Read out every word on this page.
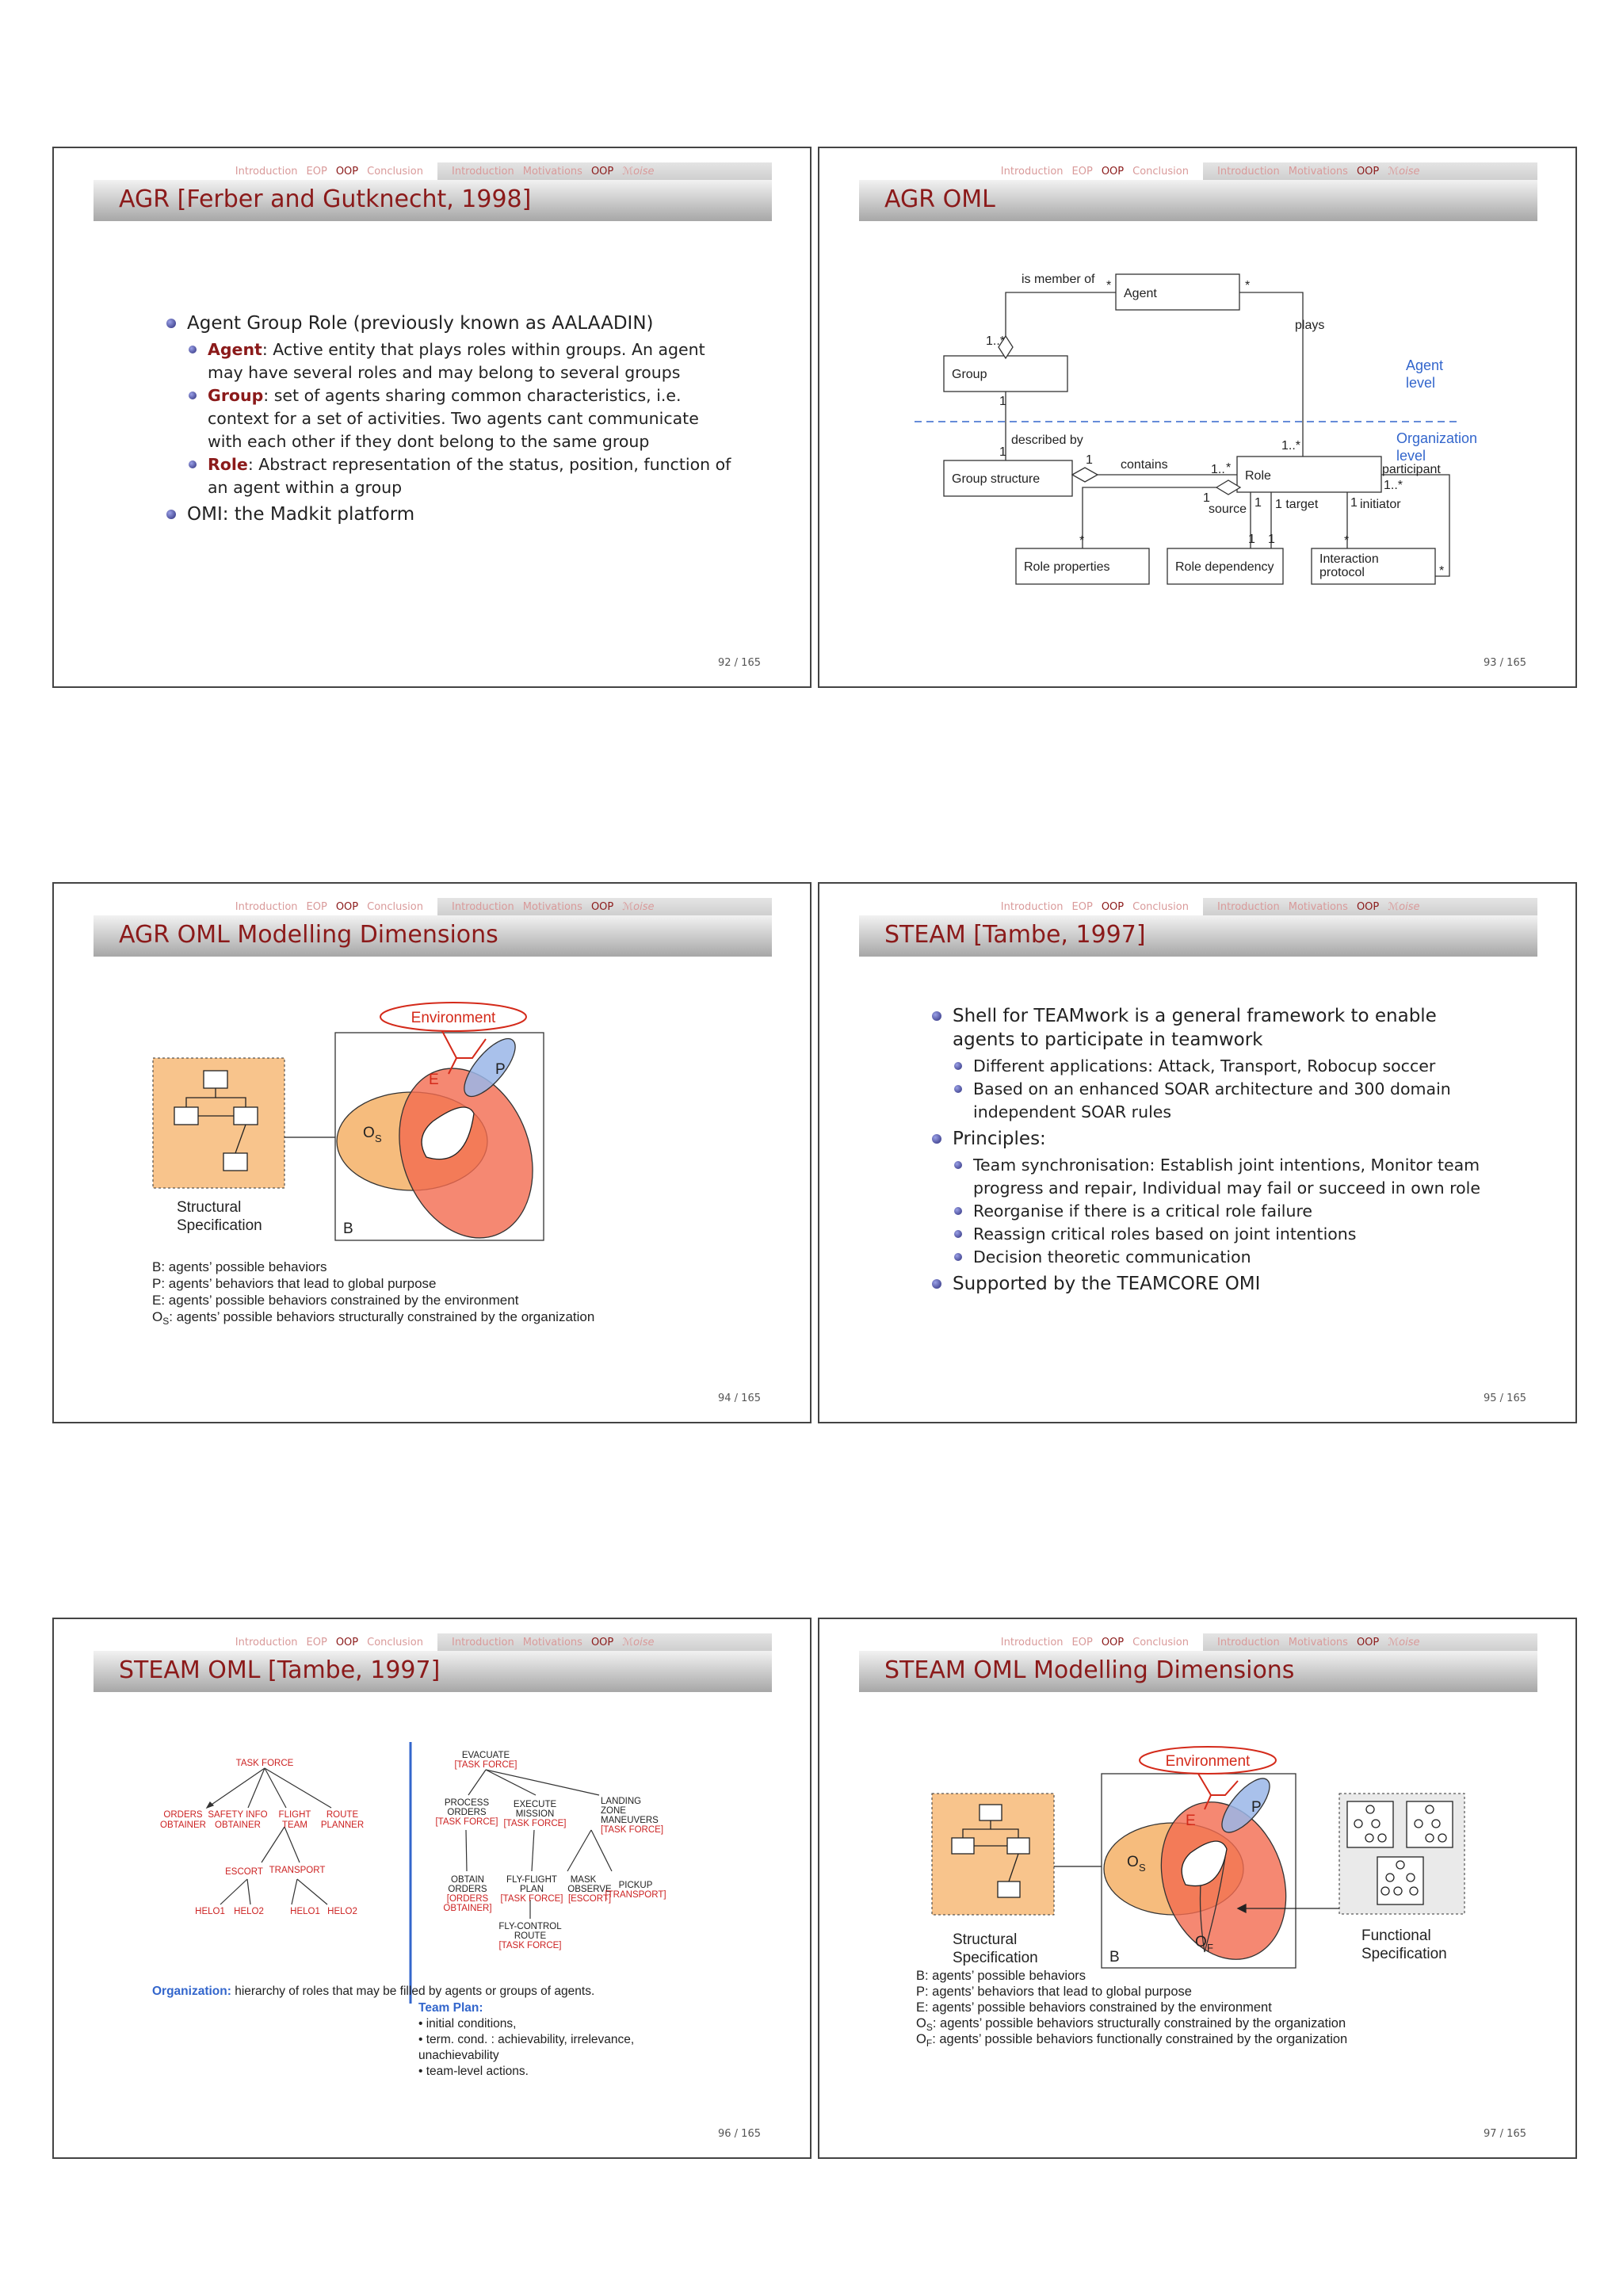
Introduction EOP OOP Conclusion	Introduction Motivations OOP ℳoise
AGR [Ferber and Gutknecht, 1998]
Agent Group Role (previously known as AALAADIN)
Agent: Active entity that plays roles within groups. An agent may have several roles and may belong to several groups
Group: set of agents sharing common characteristics, i.e. context for a set of activities. Two agents cant communicate with each other if they dont belong to the same group
Role: Abstract representation of the status, position, function of an agent within a group
OMI: the Madkit platform
92 / 165
Introduction EOP OOP Conclusion	Introduction Motivations OOP ℳoise
AGR OML
Agent
Group
Group structure	Role
Role properties	Role dependency
Interaction
protocol
is member of
plays
described by
contains	participant
source 1 target	initiator
*	*
1..*
1
1
1
1.. *
1..*
1..*
1	1	1
*	1 1	*
*
Agent
level
Organization
level
93 / 165
Introduction EOP OOP Conclusion	Introduction Motivations OOP ℳoise
AGR OML Modelling Dimensions
Environment
E
P
O S
B
Structural
Specification
B: agents’ possible behaviors
P: agents’ behaviors that lead to global purpose
E: agents’ possible behaviors constrained by the environment
$O_S$: agents’ possible behaviors structurally constrained by the organization
94 / 165
Introduction EOP OOP Conclusion	Introduction Motivations OOP ℳoise
STEAM [Tambe, 1997]
Shell for TEAMwork is a general framework to enable agents to participate in teamwork
Different applications: Attack, Transport, Robocup soccer
Based on an enhanced SOAR architecture and 300 domain independent SOAR rules
Principles:
Team synchronisation: Establish joint intentions, Monitor team progress and repair, Individual may fail or succeed in own role
Reorganise if there is a critical role failure
Reassign critical roles based on joint intentions
Decision theoretic communication
Supported by the TEAMCORE OMI
95 / 165
Introduction EOP OOP Conclusion	Introduction Motivations OOP ℳoise
STEAM OML [Tambe, 1997]
TASK FORCE
ORDERS
OBTAINER
SAFETY INFO
OBTAINER
FLIGHT
TEAM
ROUTE
PLANNER
ESCORT TRANSPORT
HELO1 HELO2	HELO1 HELO2
EVACUATE
[TASK FORCE]
PROCESS
ORDERS
[TASK FORCE]
EXECUTE
MISSION
[TASK FORCE]
LANDING
ZONE
MANEUVERS
[TASK FORCE]
OBTAIN
ORDERS
[ORDERS
OBTAINER]
FLY-FLIGHT
PLAN
[TASK FORCE]
MASK
OBSERVE
[ESCORT]
PICKUP
[TRANSPORT]
FLY-CONTROL
ROUTE
[TASK FORCE]
Organization: hierarchy of roles that may be filled by agents or groups of agents.
Team Plan:
• initial conditions,
• term. cond. : achievability, irrelevance,
unachievability
• team-level actions.
96 / 165
Introduction EOP OOP Conclusion	Introduction Motivations OOP ℳoise
STEAM OML Modelling Dimensions
Environment
E
P
O S
O F
B
Structural
Specification
Functional
Specification
B: agents’ possible behaviors
P: agents’ behaviors that lead to global purpose
E: agents’ possible behaviors constrained by the environment
$O_S$: agents’ possible behaviors structurally constrained by the organization
$O_F$: agents’ possible behaviors functionally constrained by the organization
97 / 165
